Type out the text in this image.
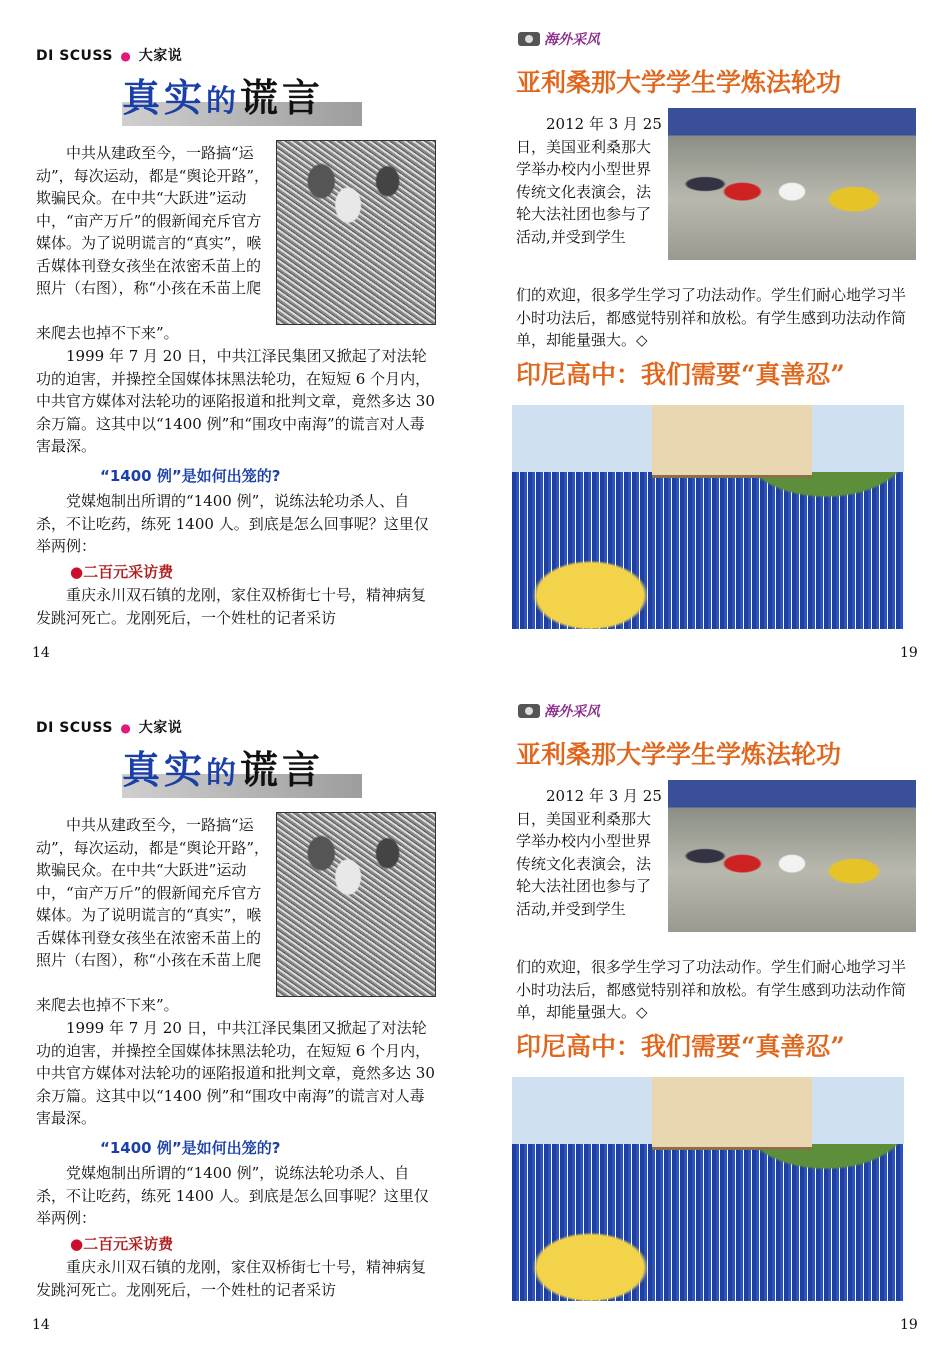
DI SCUSS ● 大家说
真实的谎言
中共从建政至今，一路搞“运动”，每次运动，都是“舆论开路”，欺骗民众。在中共“大跃进”运动中，“亩产万斤”的假新闻充斥官方媒体。为了说明谎言的“真实”，喉舌媒体刊登女孩坐在浓密禾苗上的照片（右图），称“小孩在禾苗上爬
来爬去也掉不下来”。
1999 年 7 月 20 日，中共江泽民集团又掀起了对法轮功的迫害，并操控全国媒体抹黑法轮功，在短短 6 个月内，中共官方媒体对法轮功的诬陷报道和批判文章，竟然多达 30 余万篇。这其中以“1400 例”和“围攻中南海”的谎言对人毒害最深。
“1400 例”是如何出笼的?
党媒炮制出所谓的“1400 例”，说练法轮功杀人、自杀，不让吃药，练死 1400 人。到底是怎么回事呢？这里仅举两例：
●二百元采访费
重庆永川双石镇的龙刚，家住双桥街七十号，精神病复发跳河死亡。龙刚死后，一个姓杜的记者采访
14
海外采风
亚利桑那大学学生学炼法轮功
2012 年 3 月 25 日，美国亚利桑那大学举办校内小型世界传统文化表演会，法轮大法社团也参与了活动,并受到学生
们的欢迎，很多学生学习了功法动作。学生们耐心地学习半小时功法后，都感觉特别祥和放松。有学生感到功法动作简单，却能量强大。◇
印尼高中：我们需要“真善忍”
19
DI SCUSS ● 大家说
真实的谎言
中共从建政至今，一路搞“运动”，每次运动，都是“舆论开路”，欺骗民众。在中共“大跃进”运动中，“亩产万斤”的假新闻充斥官方媒体。为了说明谎言的“真实”，喉舌媒体刊登女孩坐在浓密禾苗上的照片（右图），称“小孩在禾苗上爬
来爬去也掉不下来”。
1999 年 7 月 20 日，中共江泽民集团又掀起了对法轮功的迫害，并操控全国媒体抹黑法轮功，在短短 6 个月内，中共官方媒体对法轮功的诬陷报道和批判文章，竟然多达 30 余万篇。这其中以“1400 例”和“围攻中南海”的谎言对人毒害最深。
“1400 例”是如何出笼的?
党媒炮制出所谓的“1400 例”，说练法轮功杀人、自杀，不让吃药，练死 1400 人。到底是怎么回事呢？这里仅举两例：
●二百元采访费
重庆永川双石镇的龙刚，家住双桥街七十号，精神病复发跳河死亡。龙刚死后，一个姓杜的记者采访
14
海外采风
亚利桑那大学学生学炼法轮功
2012 年 3 月 25 日，美国亚利桑那大学举办校内小型世界传统文化表演会，法轮大法社团也参与了活动,并受到学生
们的欢迎，很多学生学习了功法动作。学生们耐心地学习半小时功法后，都感觉特别祥和放松。有学生感到功法动作简单，却能量强大。◇
印尼高中：我们需要“真善忍”
19
